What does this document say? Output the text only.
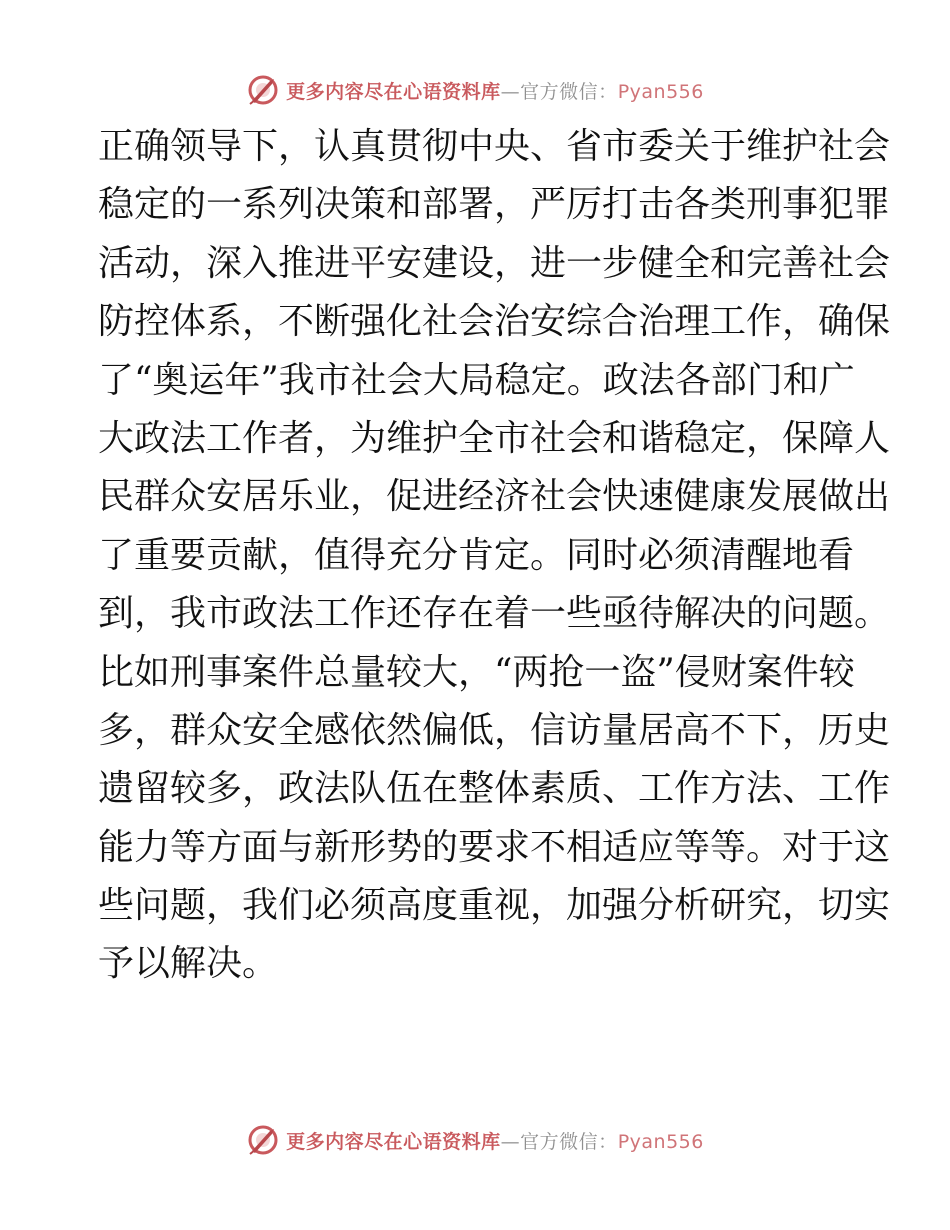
更多内容尽在心语资料库—官方微信：Pyan556
正确领导下，认真贯彻中央、省市委关于维护社会
稳定的一系列决策和部署，严厉打击各类刑事犯罪
活动，深入推进平安建设，进一步健全和完善社会
防控体系，不断强化社会治安综合治理工作，确保
了“奥运年”我市社会大局稳定。政法各部门和广
大政法工作者，为维护全市社会和谐稳定，保障人
民群众安居乐业，促进经济社会快速健康发展做出
了重要贡献，值得充分肯定。同时必须清醒地看
到，我市政法工作还存在着一些亟待解决的问题。
比如刑事案件总量较大，“两抢一盗”侵财案件较
多，群众安全感依然偏低，信访量居高不下，历史
遗留较多，政法队伍在整体素质、工作方法、工作
能力等方面与新形势的要求不相适应等等。对于这
些问题，我们必须高度重视，加强分析研究，切实
予以解决。
更多内容尽在心语资料库—官方微信：Pyan556
